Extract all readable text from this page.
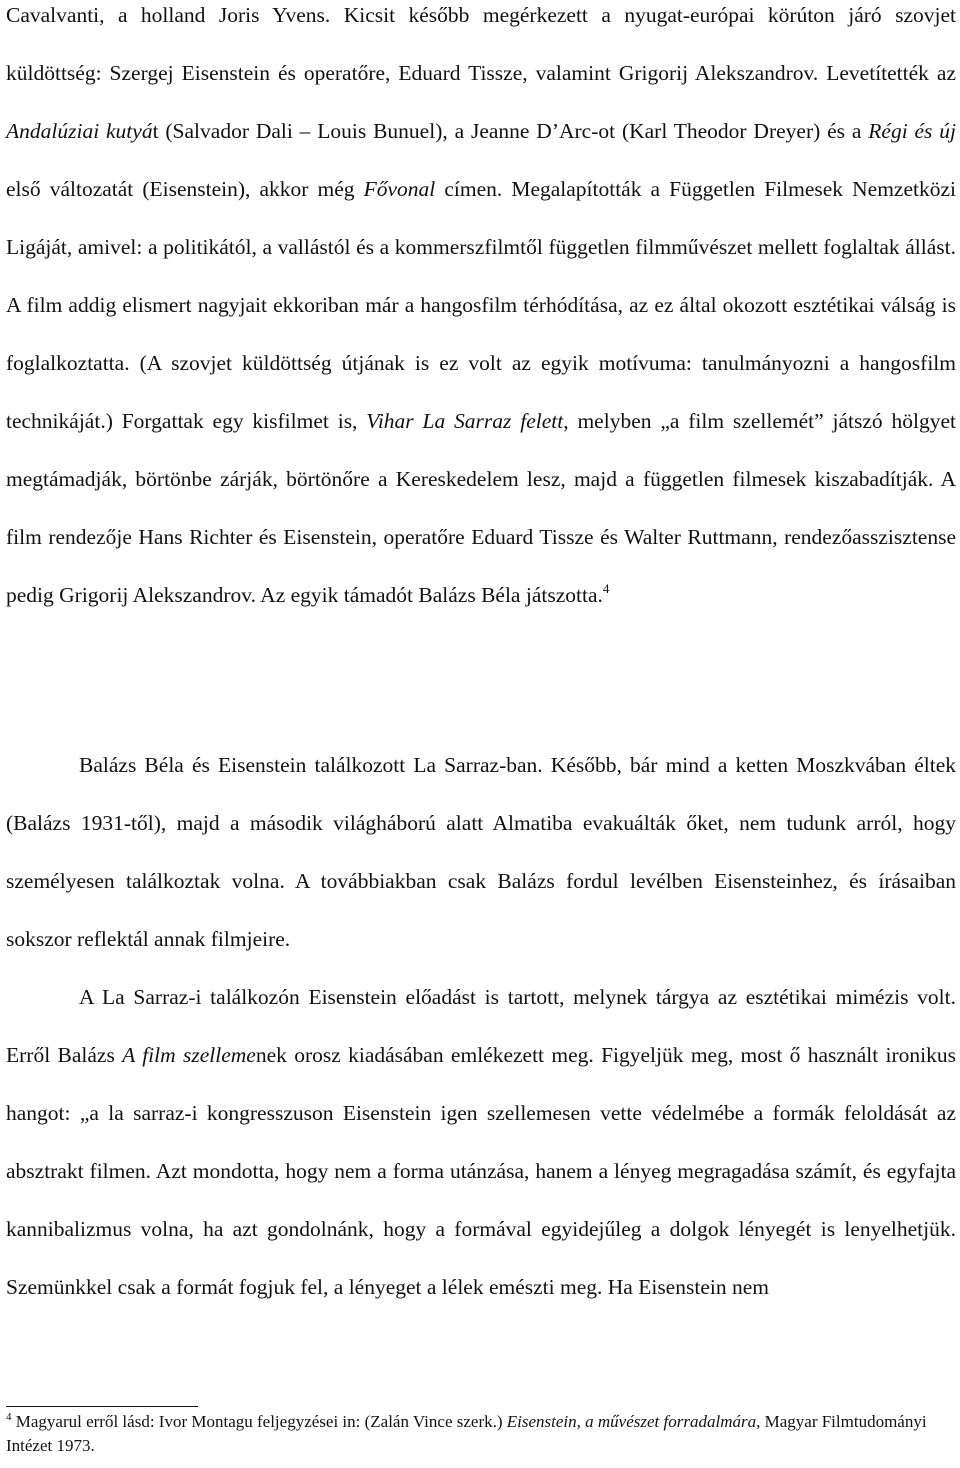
Cavalvanti, a holland Joris Yvens. Kicsit később megérkezett a nyugat-európai körúton járó szovjet küldöttség: Szergej Eisenstein és operatőre, Eduard Tissze, valamint Grigorij Alekszandrov. Levetítették az Andalúziai kutyát (Salvador Dali – Louis Bunuel), a Jeanne D’Arc-ot (Karl Theodor Dreyer) és a Régi és új első változatát (Eisenstein), akkor még Fővonal címen. Megalapították a Független Filmesek Nemzetközi Ligáját, amivel: a politikától, a vallástól és a kommerszfilmtől független filmművészet mellett foglaltak állást. A film addig elismert nagyjait ekkoriban már a hangosfilm térhódítása, az ez által okozott esztétikai válság is foglalkoztatta. (A szovjet küldöttség útjának is ez volt az egyik motívuma: tanulmányozni a hangosfilm technikáját.) Forgattak egy kisfilmet is, Vihar La Sarraz felett, melyben „a film szellemét” játszó hölgyet megtámadják, börtönbe zárják, börtönőre a Kereskedelem lesz, majd a független filmesek kiszabadítják. A film rendezője Hans Richter és Eisenstein, operatőre Eduard Tissze és Walter Ruttmann, rendezőasszisztense pedig Grigorij Alekszandrov. Az egyik támadót Balázs Béla játszotta.$^4$

Balázs Béla és Eisenstein találkozott La Sarraz-ban. Később, bár mind a ketten Moszkvában éltek (Balázs 1931-től), majd a második világháború alatt Almatiba evakuálták őket, nem tudunk arról, hogy személyesen találkoztak volna. A továbbiakban csak Balázs fordul levélben Eisensteinhez, és írásaiban sokszor reflektál annak filmjeire.

A La Sarraz-i találkozón Eisenstein előadást is tartott, melynek tárgya az esztétikai mimézis volt. Erről Balázs A film szellemenek orosz kiadásában emlékezett meg. Figyeljük meg, most ő használt ironikus hangot: „a la sarraz-i kongresszuson Eisenstein igen szellemesen vette védelmébe a formák feloldását az absztrakt filmen. Azt mondotta, hogy nem a forma utánzása, hanem a lényeg megragadása számít, és egyfajta kannibalizmus volna, ha azt gondolnánk, hogy a formával egyidejűleg a dolgok lényegét is lenyelhetjük. Szemünkkel csak a formát fogjuk fel, a lényeget a lélek emészti meg. Ha Eisenstein nem

$^4$ Magyarul erről lásd: Ivor Montagu feljegyzései in: (Zalán Vince szerk.) Eisenstein, a művészet forradalmára, Magyar Filmtudományi Intézet 1973.
